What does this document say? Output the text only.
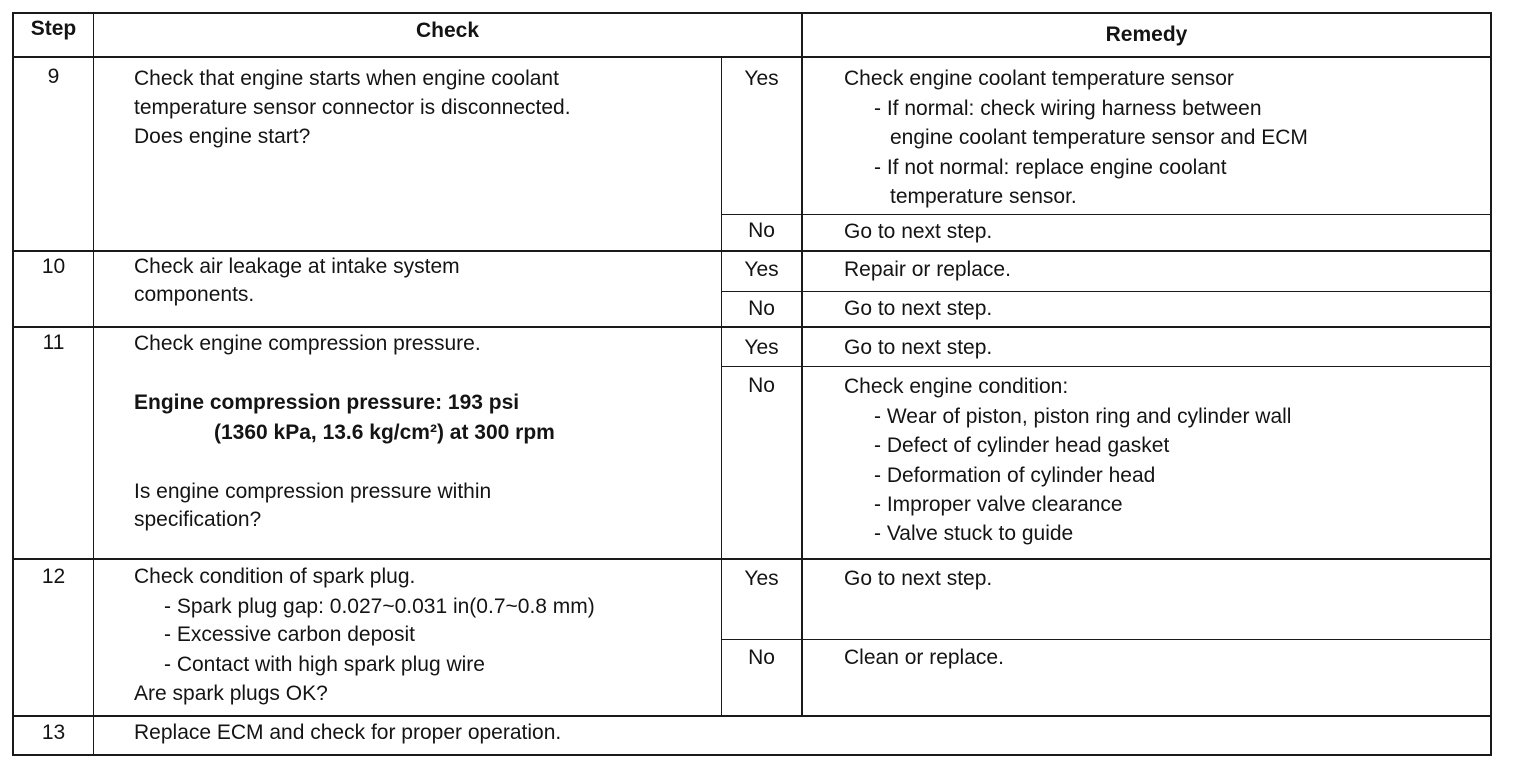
Step	Check	Remedy
9	Check that engine starts when engine coolant
temperature sensor connector is disconnected.
Does engine start?
Yes	Check engine coolant temperature sensor
- If normal: check wiring harness between
engine coolant temperature sensor and ECM
- If not normal: replace engine coolant
temperature sensor.
No	Go to next step.
10	Check air leakage at intake system
components.
Yes	Repair or replace.
No	Go to next step.
11	Check engine compression pressure.
Engine compression pressure: 193 psi
(1360 kPa, 13.6 kg/cm²) at 300 rpm
Is engine compression pressure within
specification?
Yes	Go to next step.
No	Check engine condition:
- Wear of piston, piston ring and cylinder wall
- Defect of cylinder head gasket
- Deformation of cylinder head
- Improper valve clearance
- Valve stuck to guide
12	Check condition of spark plug.
- Spark plug gap: 0.027~0.031 in(0.7~0.8 mm)
- Excessive carbon deposit
- Contact with high spark plug wire
Are spark plugs OK?
Yes	Go to next step.
No	Clean or replace.
13	Replace ECM and check for proper operation.
